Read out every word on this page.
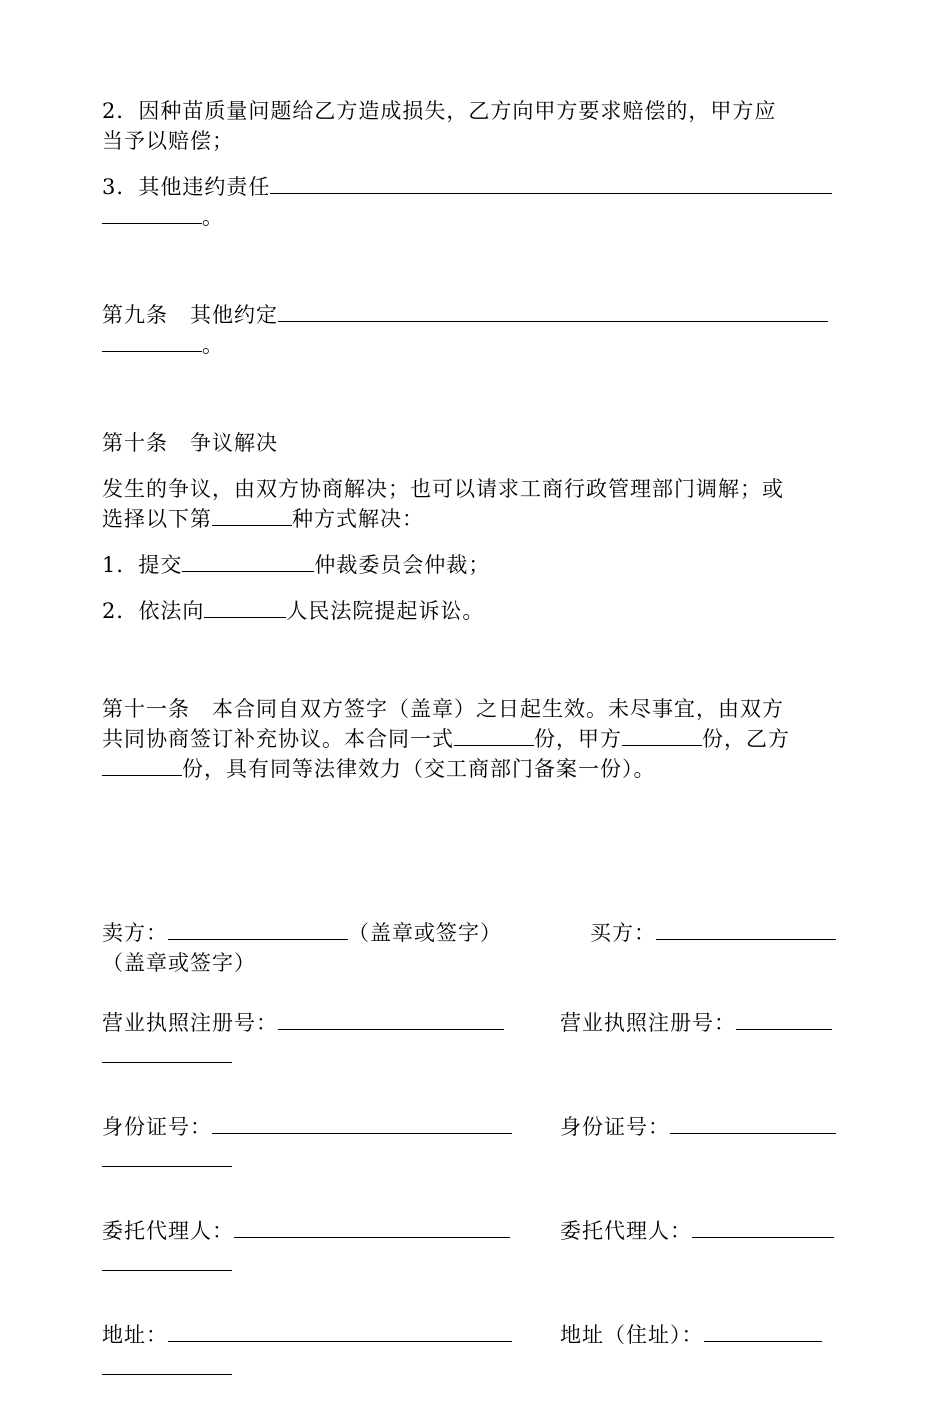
2．因种苗质量问题给乙方造成损失，乙方向甲方要求赔偿的，甲方应

当予以赔偿；

3．其他违约责任

。

第九条　其他约定

。

第十条　争议解决

发生的争议，由双方协商解决；也可以请求工商行政管理部门调解；或

选择以下第	种方式解决：

1．提交	仲裁委员会仲裁；

2．依法向	人民法院提起诉讼。

第十一条　本合同自双方签字（盖章）之日起生效。未尽事宜，由双方

共同协商签订补充协议。本合同一式	份，甲方	份，乙方

份，具有同等法律效力（交工商部门备案一份）。

卖方：	（盖章或签字）	买方：

（盖章或签字）

营业执照注册号：	营业执照注册号：
身份证号：	身份证号：
委托代理人：	委托代理人：
地址：	地址（住址）：
